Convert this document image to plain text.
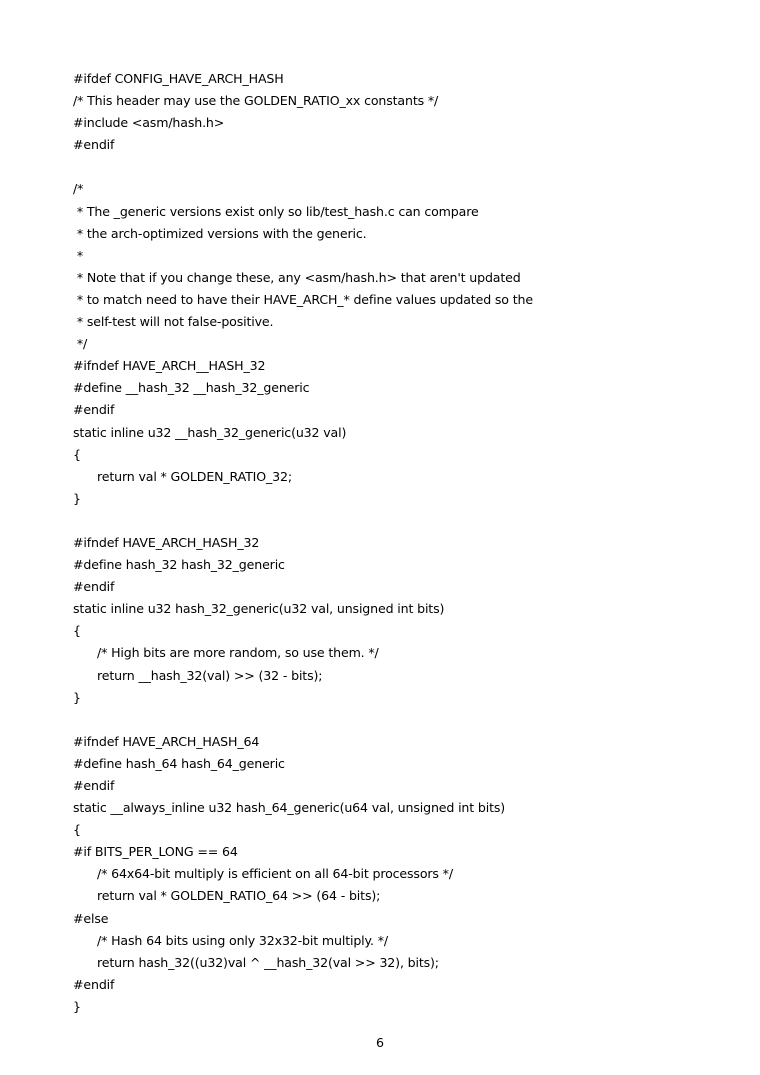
#ifdef CONFIG_HAVE_ARCH_HASH
/* This header may use the GOLDEN_RATIO_xx constants */
#include <asm/hash.h>
#endif
/*
* The _generic versions exist only so lib/test_hash.c can compare
* the arch-optimized versions with the generic.
*
* Note that if you change these, any <asm/hash.h> that aren't updated
* to match need to have their HAVE_ARCH_* define values updated so the
* self-test will not false-positive.
*/
#ifndef HAVE_ARCH__HASH_32
#define __hash_32 __hash_32_generic
#endif
static inline u32 __hash_32_generic(u32 val)
{
return val * GOLDEN_RATIO_32;
}
#ifndef HAVE_ARCH_HASH_32
#define hash_32 hash_32_generic
#endif
static inline u32 hash_32_generic(u32 val, unsigned int bits)
{
/* High bits are more random, so use them. */
return __hash_32(val) >> (32 - bits);
}
#ifndef HAVE_ARCH_HASH_64
#define hash_64 hash_64_generic
#endif
static __always_inline u32 hash_64_generic(u64 val, unsigned int bits)
{
#if BITS_PER_LONG == 64
/* 64x64-bit multiply is efficient on all 64-bit processors */
return val * GOLDEN_RATIO_64 >> (64 - bits);
#else
/* Hash 64 bits using only 32x32-bit multiply. */
return hash_32((u32)val ^ __hash_32(val >> 32), bits);
#endif
}
6
